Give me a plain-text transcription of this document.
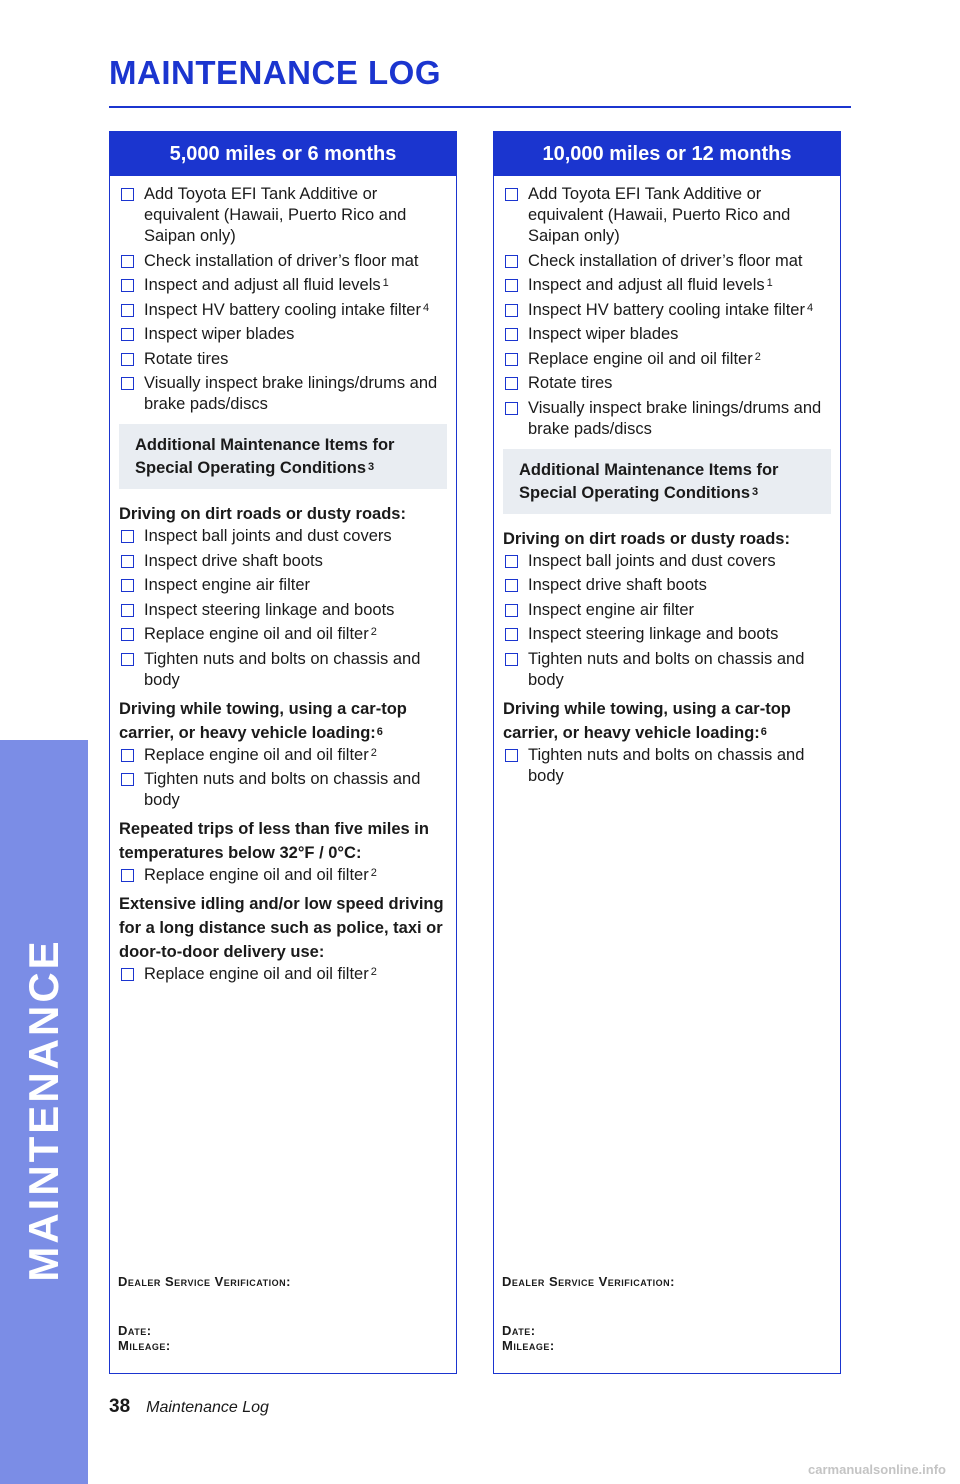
MAINTENANCE
MAINTENANCE LOG
5,000 miles or 6 months
Add Toyota EFI Tank Additive or equivalent (Hawaii, Puerto Rico and Saipan only)
Check installation of driver’s floor mat
Inspect and adjust all fluid levels $^1$
Inspect HV battery cooling intake filter $^4$
Inspect wiper blades
Rotate tires
Visually inspect brake linings/drums and brake pads/discs
Additional Maintenance Items for Special Operating Conditions $^3$
Driving on dirt roads or dusty roads:
Inspect ball joints and dust covers
Inspect drive shaft boots
Inspect engine air filter
Inspect steering linkage and boots
Replace engine oil and oil filter $^2$
Tighten nuts and bolts on chassis and body
Driving while towing, using a car-top carrier, or heavy vehicle loading:$^6$
Replace engine oil and oil filter $^2$
Tighten nuts and bolts on chassis and body
Repeated trips of less than five miles in temperatures below 32°F / 0°C:
Replace engine oil and oil filter $^2$
Extensive idling and/or low speed driving for a long distance such as police, taxi or door-to-door delivery use:
Replace engine oil and oil filter $^2$
Dealer Service Verification:
Date:
Mileage:
10,000 miles or 12 months
Add Toyota EFI Tank Additive or equivalent (Hawaii, Puerto Rico and Saipan only)
Check installation of driver’s floor mat
Inspect and adjust all fluid levels $^1$
Inspect HV battery cooling intake filter $^4$
Inspect wiper blades
Replace engine oil and oil filter $^2$
Rotate tires
Visually inspect brake linings/drums and brake pads/discs
Additional Maintenance Items for Special Operating Conditions $^3$
Driving on dirt roads or dusty roads:
Inspect ball joints and dust covers
Inspect drive shaft boots
Inspect engine air filter
Inspect steering linkage and boots
Tighten nuts and bolts on chassis and body
Driving while towing, using a car-top carrier, or heavy vehicle loading:$^6$
Tighten nuts and bolts on chassis and body
Dealer Service Verification:
Date:
Mileage:
38 Maintenance Log
carmanualsonline.info
